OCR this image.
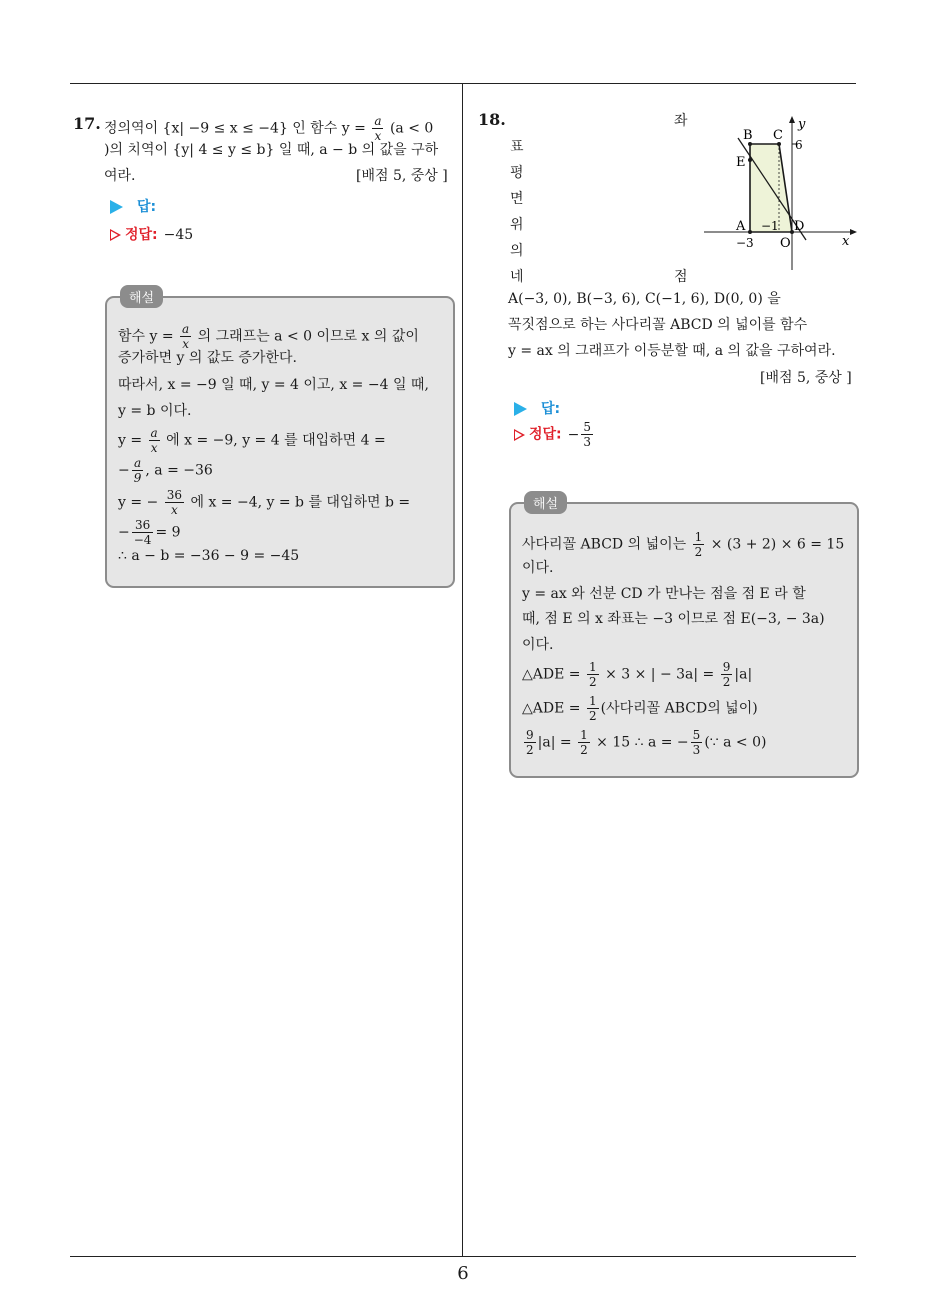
6
17. 정의역이 {x| −9 ≤ x ≤ −4} 인 함수 $y = \frac{a}{x} (a < 0$
)의 치역이 {y| 4 ≤ y ≤ b} 일 때, a − b 의 값을 구하
여라.	[배점 5, 중상 ]
답:
정답: −45
해설
함수 $y = \frac{a}{x}$ 의 그래프는 a < 0 이므로 x 의 값이
증가하면 y 의 값도 증가한다.
따라서, x = −9 일 때, y = 4 이고, x = −4 일 때,
y = b 이다.
$y = \frac{a}{x}$ 에 x = −9, y = 4 를 대입하면 4 =
− $\frac{a}{9}$ , a = −36
y = − $\frac{36}{x}$ 에 x = −4, y = b 를 대입하면 b =
− $\frac{36}{-4} = 9$
∴ a − b = −36 − 9 = −45
18.	좌
표
평
면
위
의
네	점
B C
E
A	D
O	x
y
6
−1
−3
A(−3, 0), B(−3, 6), C(−1, 6), D(0, 0) 을
꼭짓점으로 하는 사다리꼴 ABCD 의 넓이를 함수
y = ax 의 그래프가 이등분할 때, a 의 값을 구하여라.
[배점 5, 중상 ]
답:
정답: − $\frac{5}{3}$
해설
사다리꼴 ABCD 의 넓이는 $\frac{1}{2} \times (3 + 2) \times 6 = 15$
이다.
y = ax 와 선분 CD 가 만나는 점을 점 E 라 할
때, 점 E 의 x 좌표는 −3 이므로 점 E(−3, − 3a)
이다.
△ADE = $\frac{1}{2} \times 3$ × | − $3a| = \frac{9}{2} |a|$
△ADE = $\frac{1}{2}$ (사다리꼴 ABCD의 넓이)
$\frac{9}{2} |a| = \frac{1}{2} \times 15$ ∴ a = − $\frac{5}{3}$ (∵ a < 0)
